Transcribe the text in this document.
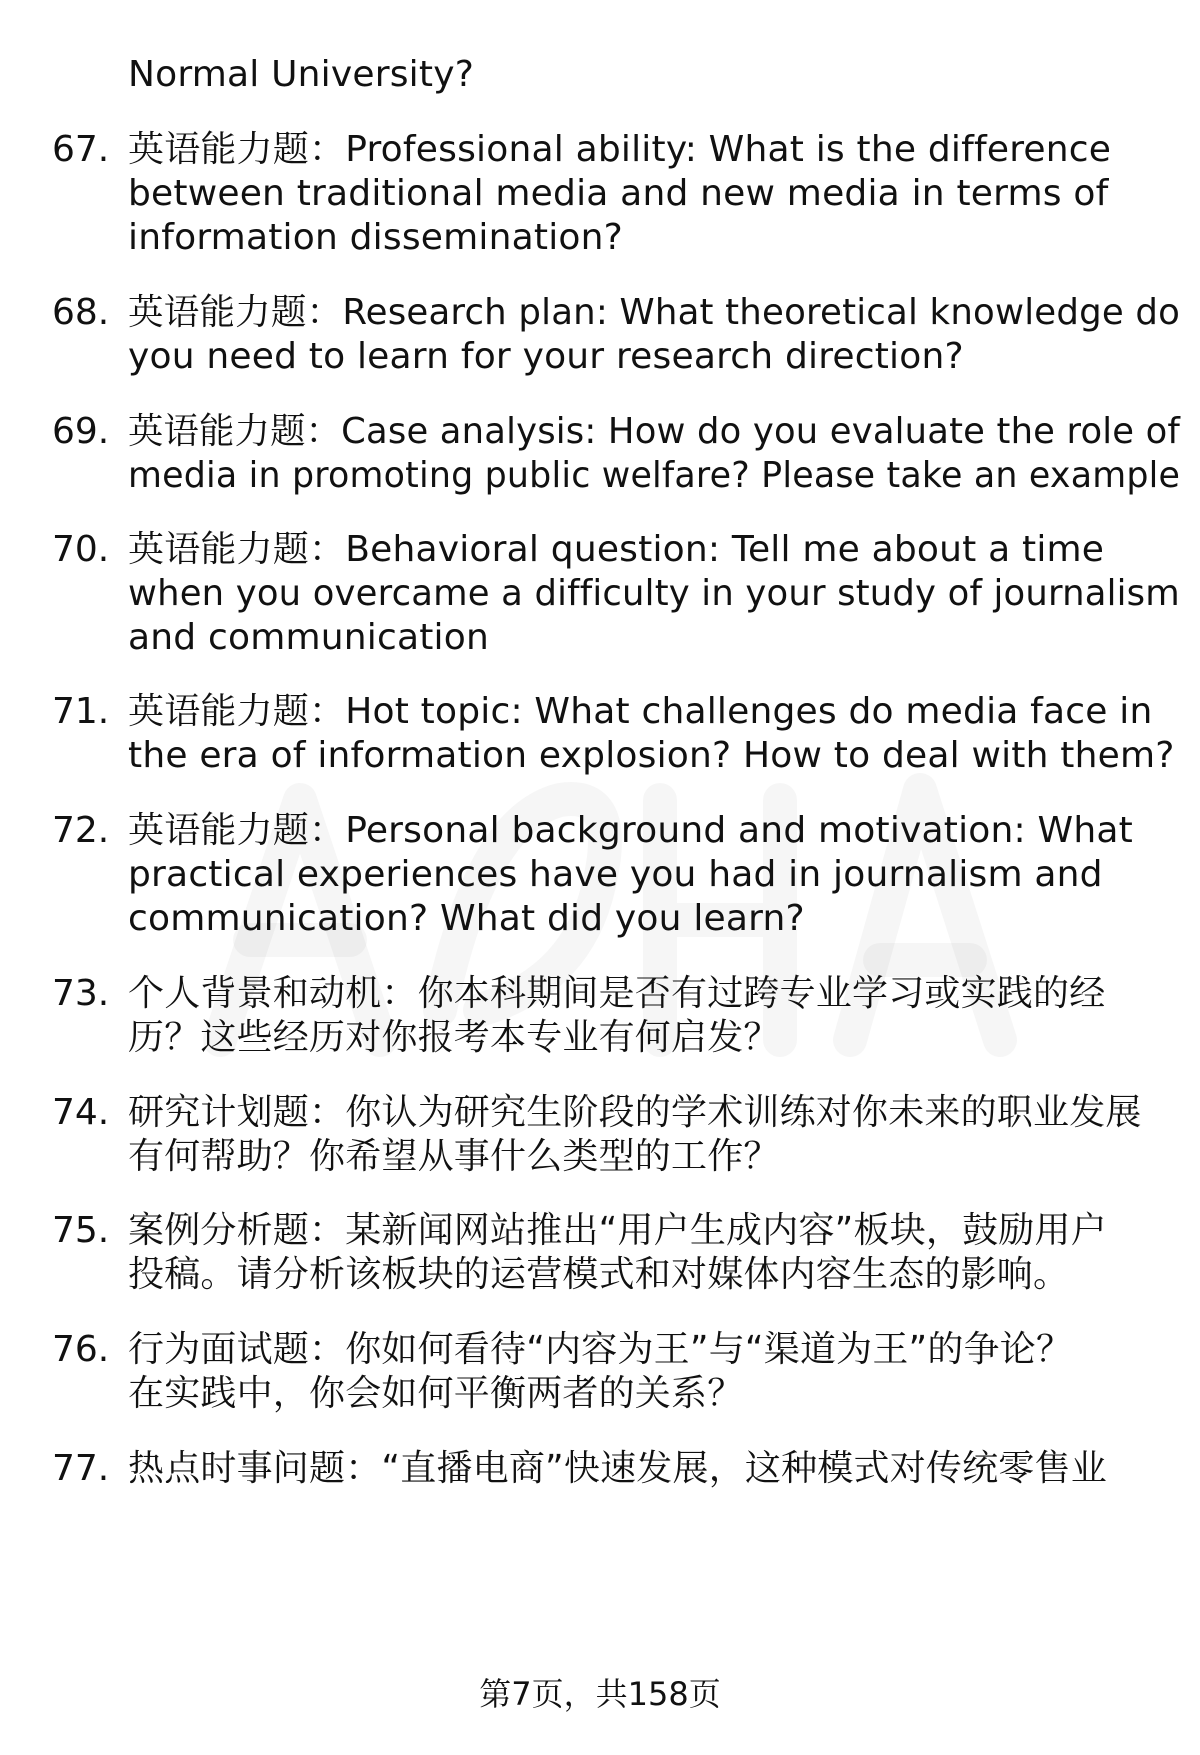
Normal University?
67. 英语能力题：Professional ability: What is the difference
between traditional media and new media in terms of
information dissemination?
68. 英语能力题：Research plan: What theoretical knowledge do
you need to learn for your research direction?
69. 英语能力题：Case analysis: How do you evaluate the role of
media in promoting public welfare? Please take an example
70. 英语能力题：Behavioral question: Tell me about a time
when you overcame a difficulty in your study of journalism
and communication
71. 英语能力题：Hot topic: What challenges do media face in
the era of information explosion? How to deal with them?
72. 英语能力题：Personal background and motivation: What
practical experiences have you had in journalism and
communication? What did you learn?
73. 个人背景和动机：你本科期间是否有过跨专业学习或实践的经
历？这些经历对你报考本专业有何启发？
74. 研究计划题：你认为研究生阶段的学术训练对你未来的职业发展
有何帮助？你希望从事什么类型的工作？
75. 案例分析题：某新闻网站推出“用户生成内容”板块，鼓励用户
投稿。请分析该板块的运营模式和对媒体内容生态的影响。
76. 行为面试题：你如何看待“内容为王”与“渠道为王”的争论？
在实践中，你会如何平衡两者的关系？
77. 热点时事问题：“直播电商”快速发展，这种模式对传统零售业
第7页，共158页
